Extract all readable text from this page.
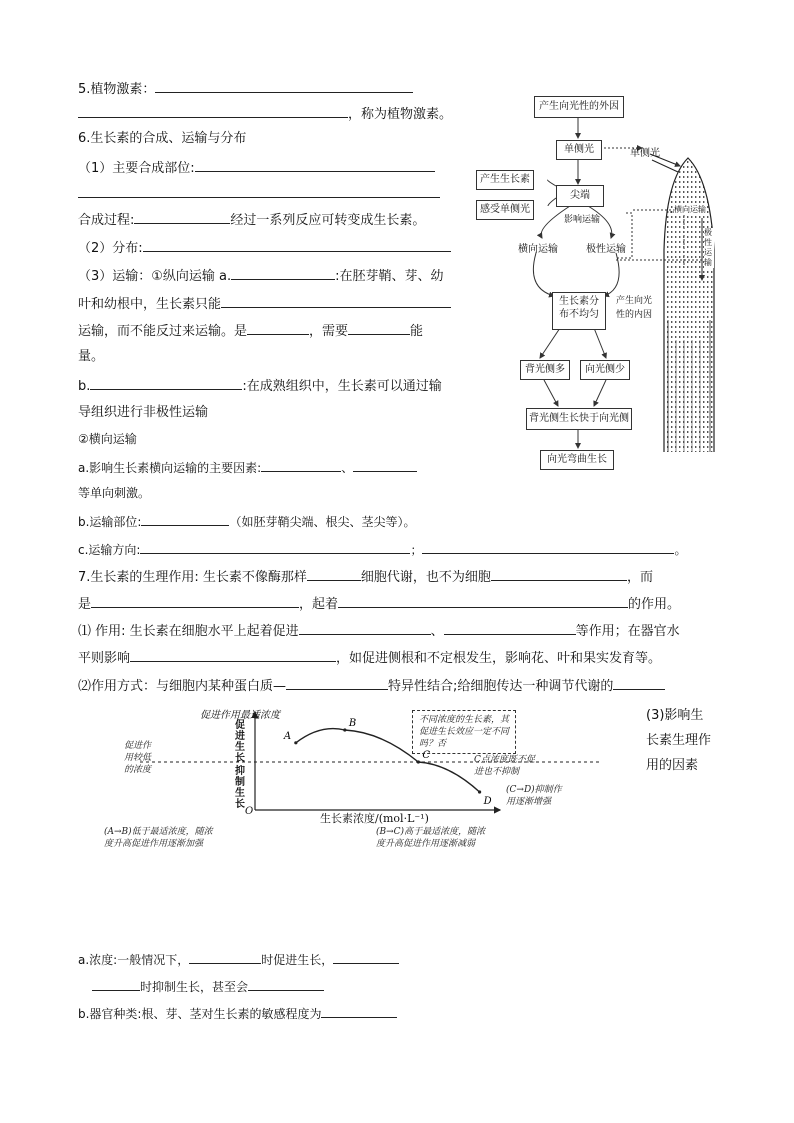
5.植物激素：
，称为植物激素。
6.生长素的合成、运输与分布
（1）主要合成部位:
合成过程:	经过一系列反应可转变成生长素。
（2）分布:
（3）运输：①纵向运输 a.	:在胚芽鞘、芽、幼
叶和幼根中，生长素只能
运输，而不能反过来运输。是	，需要	能
量。
b.	:在成熟组织中，生长素可以通过输
导组织进行非极性运输
②横向运输
a.影响生长素横向运输的主要因素:	、
等单向刺激。
b.运输部位:	（如胚芽鞘尖端、根尖、茎尖等）。
c.运输方向:	；	。
7.生长素的生理作用: 生长素不像酶那样	细胞代谢，也不为细胞	，而
是	，起着	的作用。
⑴ 作用: 生长素在细胞水平上起着促进	、	等作用；在器官水
平则影响	，如促进侧根和不定根发生，影响花、叶和果实发育等。
⑵作用方式：与细胞内某种蛋白质—	特异性结合;给细胞传达一种调节代谢的
(3)影响生
长素生理作
用的因素
产生向光性的外因
单侧光
产生生长素
感受单侧光
尖端
影响运输
横向运输	极性运输
生长素分
布不均匀
产生向光
性的内因
背光侧多	向光侧少
背光侧生长快于向光侧
向光弯曲生长
单侧光
横向运输
极性运输
A
B
C
D
促进作用最适浓度
促进生长
抑制生长
O
生长素浓度/(mol·L⁻¹)
促进作
用较低
的浓度
不同浓度的生长素，其
促进生长效应一定不同
吗？否
C点浓度既不促
进也不抑制
(C→D)抑制作
用逐渐增强
(A→B)低于最适浓度，随浓
度升高促进作用逐渐加强
(B→C)高于最适浓度，随浓
度升高促进作用逐渐减弱
a.浓度:一般情况下，	时促进生长，
时抑制生长，甚至会
b.器官种类:根、芽、茎对生长素的敏感程度为
